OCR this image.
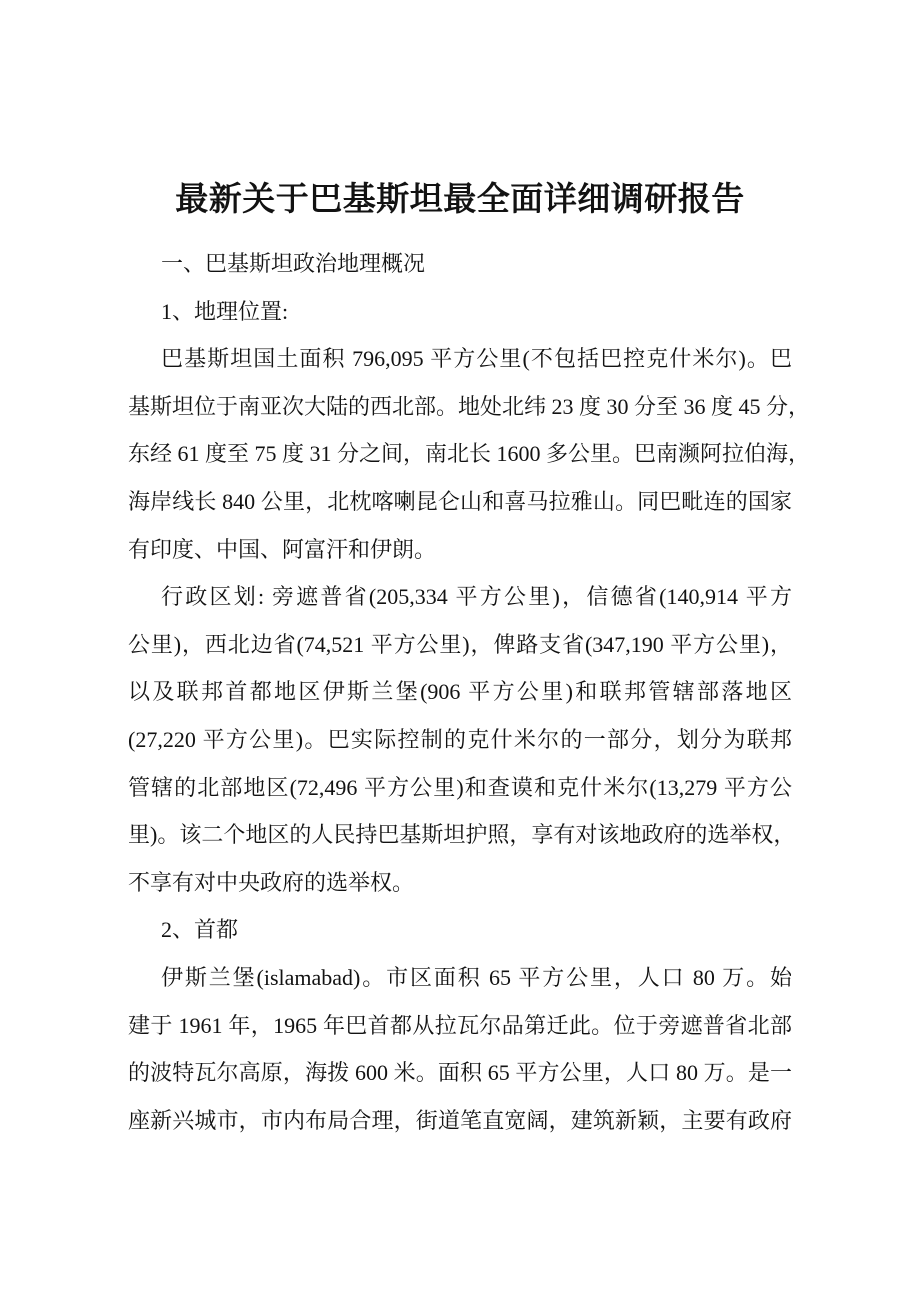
最新关于巴基斯坦最全面详细调研报告
一、巴基斯坦政治地理概况
1、地理位置:
巴基斯坦国土面积 796,095 平方公里(不包括巴控克什米尔)。巴
基斯坦位于南亚次大陆的西北部。地处北纬 23 度 30 分至 36 度 45 分，
东经 61 度至 75 度 31 分之间，南北长 1600 多公里。巴南濒阿拉伯海，
海岸线长 840 公里，北枕喀喇昆仑山和喜马拉雅山。同巴毗连的国家
有印度、中国、阿富汗和伊朗。
行政区划: 旁遮普省(205,334 平方公里)，信德省(140,914 平方
公里)，西北边省(74,521 平方公里)，俾路支省(347,190 平方公里)，
以及联邦首都地区伊斯兰堡(906 平方公里)和联邦管辖部落地区
(27,220 平方公里)。巴实际控制的克什米尔的一部分，划分为联邦
管辖的北部地区(72,496 平方公里)和查谟和克什米尔(13,279 平方公
里)。该二个地区的人民持巴基斯坦护照，享有对该地政府的选举权，
不享有对中央政府的选举权。
2、首都
伊斯兰堡(islamabad)。市区面积 65 平方公里，人口 80 万。始
建于 1961 年，1965 年巴首都从拉瓦尔品第迁此。位于旁遮普省北部
的波特瓦尔高原，海拨 600 米。面积 65 平方公里，人口 80 万。是一
座新兴城市，市内布局合理，街道笔直宽阔，建筑新颖，主要有政府
